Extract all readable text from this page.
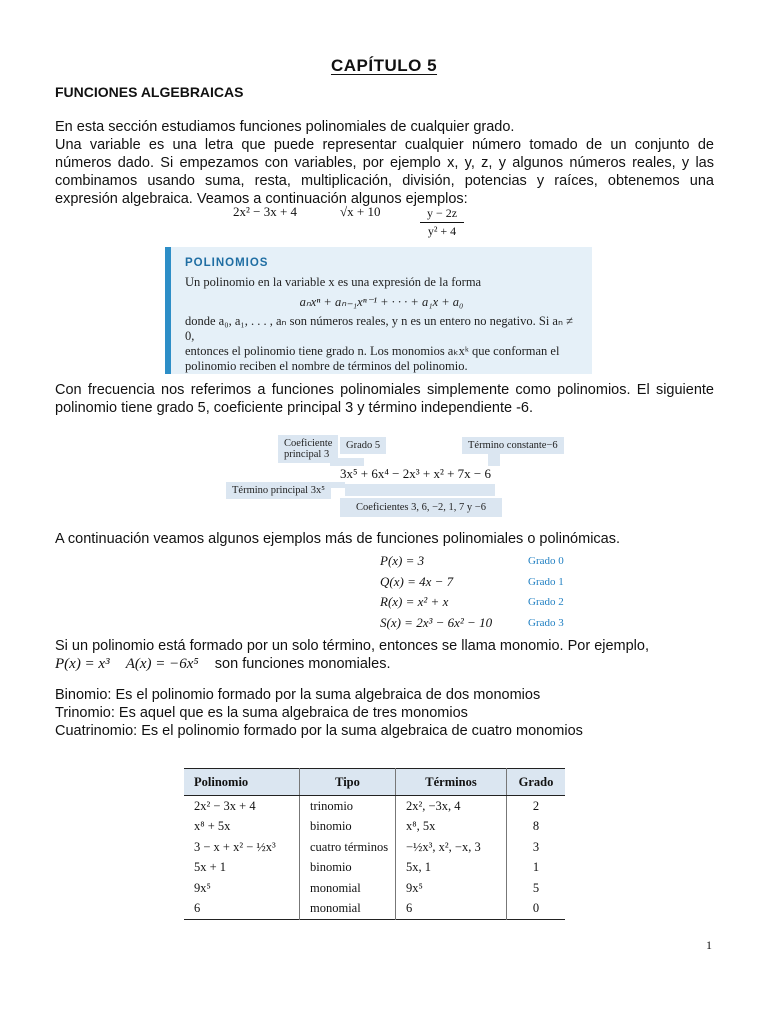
CAPÍTULO 5
FUNCIONES ALGEBRAICAS
En esta sección estudiamos funciones polinomiales de cualquier grado.
Una variable es una letra que puede representar cualquier número tomado de un conjunto de números dado. Si empezamos con variables, por ejemplo x, y, z, y algunos números reales, y las combinamos usando suma, resta, multiplicación, división, potencias y raíces, obtenemos una expresión algebraica. Veamos a continuación algunos ejemplos:
2x² − 3x + 4	√x + 10	$\frac{y - 2z}{\text{y² + 4}}$
POLINOMIOS
Un polinomio en la variable x es una expresión de la forma
aₙxⁿ + aₙ₋₁xⁿ⁻¹ + · · · + a₁x + a₀
donde a₀, a₁, . . . , aₙ son números reales, y n es un entero no negativo. Si aₙ ≠ 0,
entonces el polinomio tiene grado n. Los monomios aₖxᵏ que conforman el
polinomio reciben el nombre de términos del polinomio.
Con frecuencia nos referimos a funciones polinomiales simplemente como polinomios. El siguiente polinomio tiene grado 5, coeficiente principal 3 y término independiente -6.
Coeficiente
principal 3
Grado 5	Término constante−6
3x⁵ + 6x⁴ − 2x³ + x² + 7x − 6
Término principal 3x⁵
Coeficientes 3, 6, −2, 1, 7 y −6
A continuación veamos algunos ejemplos más de funciones polinomiales o polinómicas.
P(x) = 3	Grado 0
Q(x) = 4x − 7	Grado 1
R(x) = x² + x	Grado 2
S(x) = 2x³ − 6x² − 10	Grado 3
Si un polinomio está formado por un solo término, entonces se llama monomio. Por ejemplo,
P(x) = x³ A(x) = −6x⁵ son funciones monomiales.
Binomio: Es el polinomio formado por la suma algebraica de dos monomios
Trinomio: Es aquel que es la suma algebraica de tres monomios
Cuatrinomio: Es el polinomio formado por la suma algebraica de cuatro monomios
Polinomio	Tipo	Términos	Grado
2x² − 3x + 4	trinomio	2x², −3x, 4	2
x⁸ + 5x	binomio	x⁸, 5x	8
3 − x + x² − ½x³	cuatro términos	−½x³, x², −x, 3	3
5x + 1	binomio	5x, 1	1
9x⁵	monomial	9x⁵	5
6	monomial	6	0
1
